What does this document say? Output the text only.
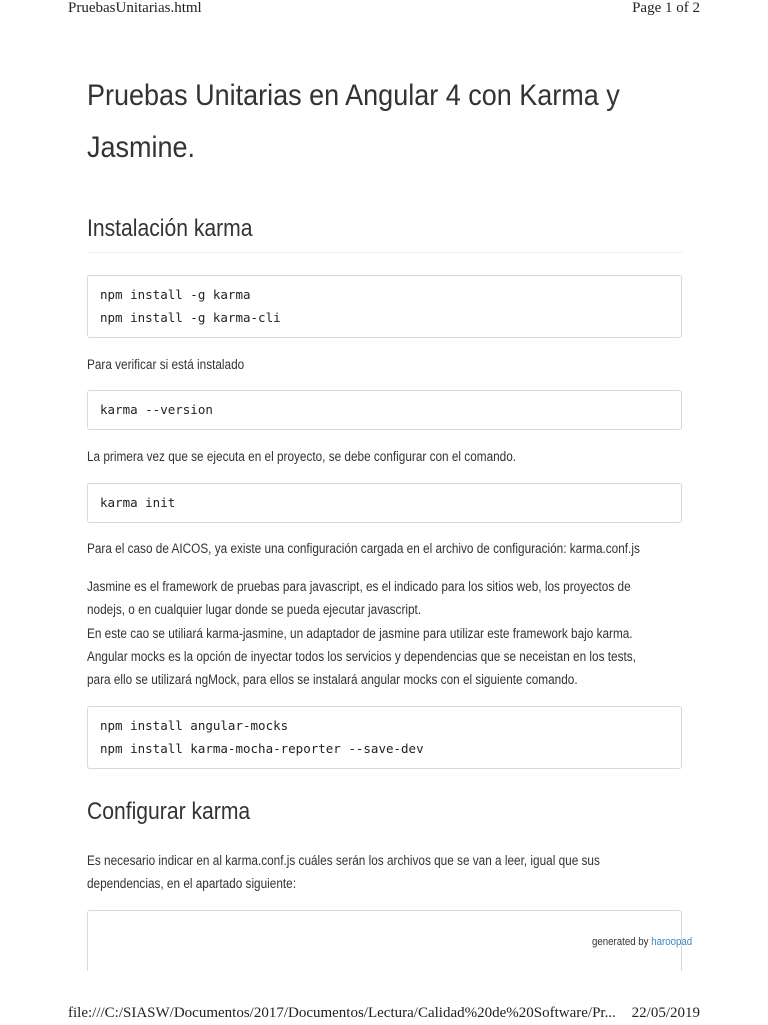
PruebasUnitarias.html	Page 1 of 2
Pruebas Unitarias en Angular 4 con Karma y Jasmine.
Instalación karma
npm install -g karma
npm install -g karma-cli

Para verificar si está instalado

karma --version

La primera vez que se ejecuta en el proyecto, se debe configurar con el comando.

karma init

Para el caso de AICOS, ya existe una configuración cargada en el archivo de configuración: karma.conf.js

Jasmine es el framework de pruebas para javascript, es el indicado para los sitios web, los proyectos de nodejs, o en cualquier lugar donde se pueda ejecutar javascript.
En este cao se utiliará karma-jasmine, un adaptador de jasmine para utilizar este framework bajo karma.
Angular mocks es la opción de inyectar todos los servicios y dependencias que se neceistan en los tests, para ello se utilizará ngMock, para ellos se instalará angular mocks con el siguiente comando.

npm install angular-mocks
npm install karma-mocha-reporter --save-dev
Configurar karma

Es necesario indicar en al karma.conf.js cuáles serán los archivos que se van a leer, igual que sus dependencias, en el apartado siguiente:

generated by haroopad
file:///C:/SIASW/Documentos/2017/Documentos/Lectura/Calidad%20de%20Software/Pr...	22/05/2019
